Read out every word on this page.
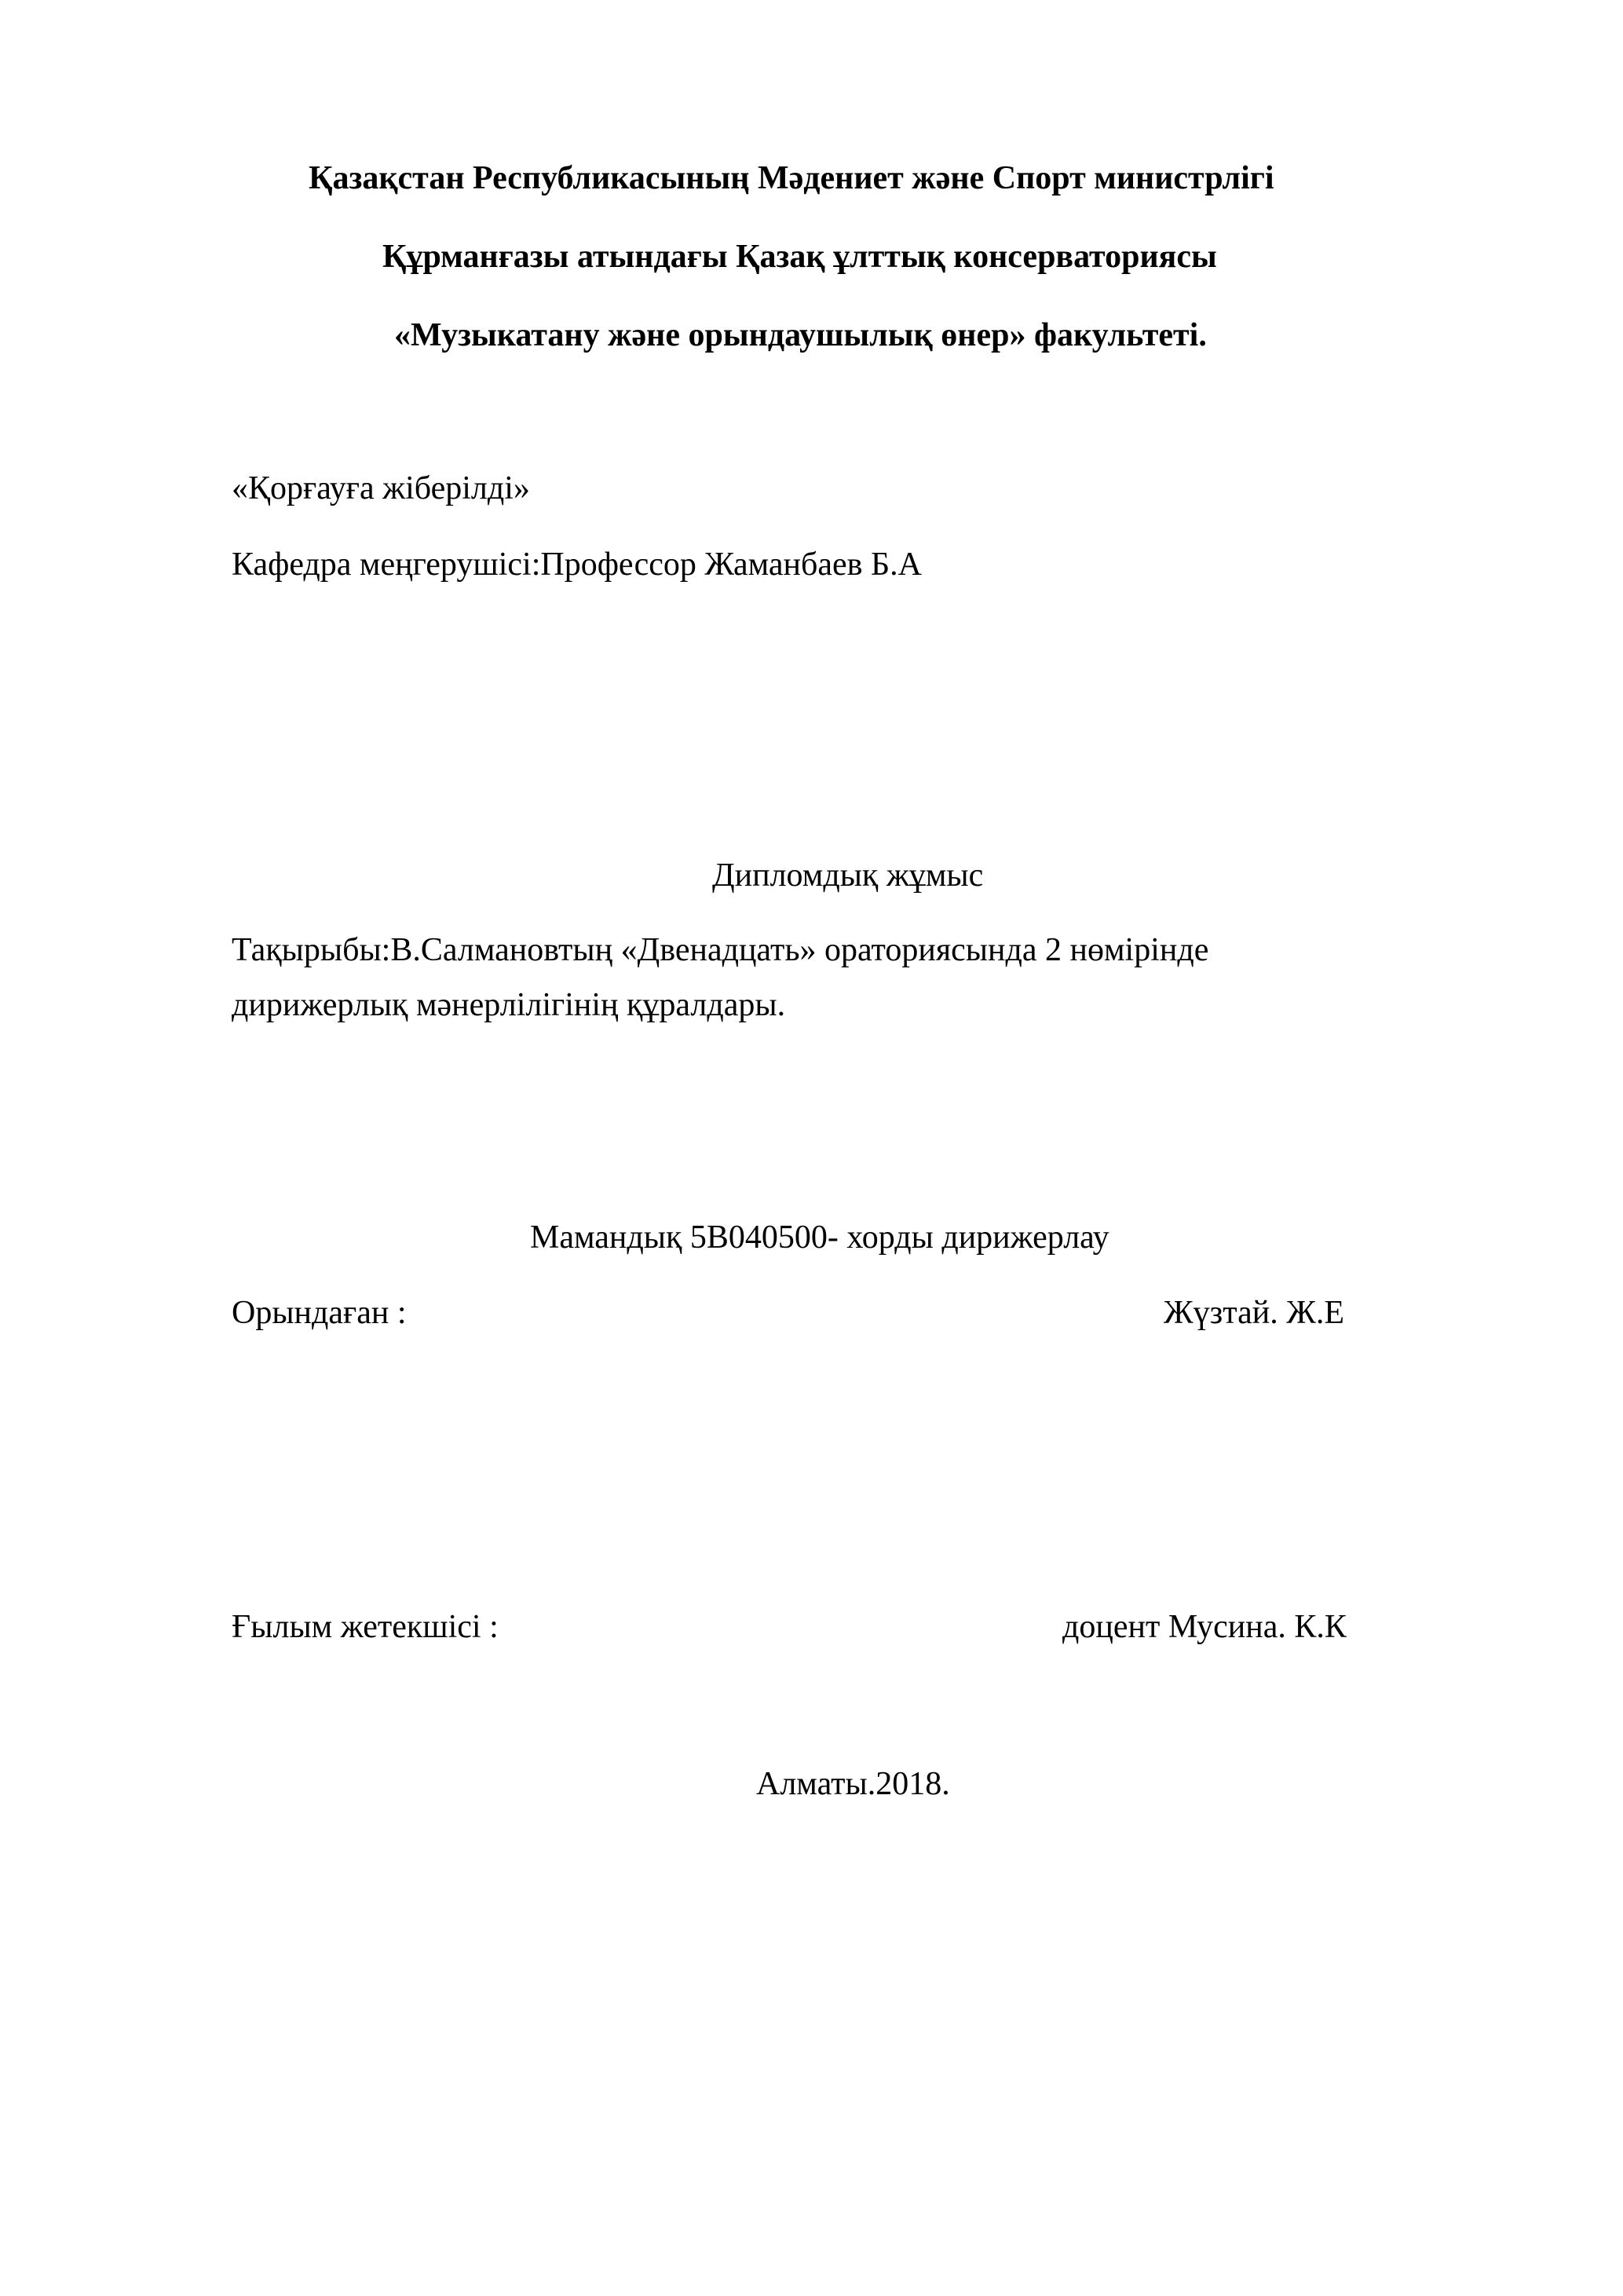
Қазақстан Республикасының Мәдениет және Спорт министрлігі
Құрманғазы атындағы Қазақ ұлттық консерваториясы
«Музыкатану және орындаушылық өнер» факультеті.
«Қорғауға жіберілді»
Кафедра меңгерушісі:Профессор Жаманбаев Б.А
Дипломдық жұмыс
Тақырыбы:В.Салмановтың «Двенадцать» ораториясында 2 нөмірінде
дирижерлық мәнерлілігінің құралдары.
Мамандық 5В040500- хорды дирижерлау
Орындаған :	Жүзтай. Ж.Е
Ғылым жетекшісі :	доцент Мусина. К.К
Алматы.2018.
